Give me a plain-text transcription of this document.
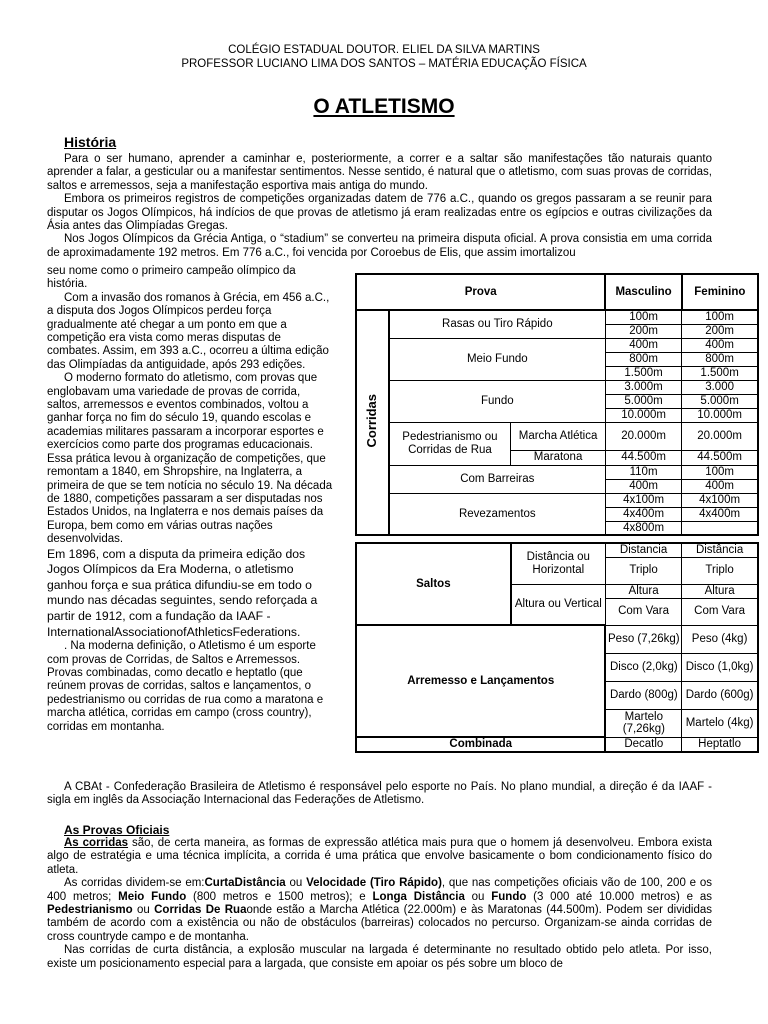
COLÉGIO ESTADUAL DOUTOR. ELIEL DA SILVA MARTINS
PROFESSOR LUCIANO LIMA DOS SANTOS – MATÉRIA EDUCAÇÃO FÍSICA
O ATLETISMO
História

Para o ser humano, aprender a caminhar e, posteriormente, a correr e a saltar são manifestações tão naturais quanto aprender a falar, a gesticular ou a manifestar sentimentos. Nesse sentido, é natural que o atletismo, com suas provas de corridas, saltos e arremessos, seja a manifestação esportiva mais antiga do mundo.

Embora os primeiros registros de competições organizadas datem de 776 a.C., quando os gregos passaram a se reunir para disputar os Jogos Olímpicos, há indícios de que provas de atletismo já eram realizadas entre os egípcios e outras civilizações da Ásia antes das Olimpíadas Gregas.

Nos Jogos Olímpicos da Grécia Antiga, o “stadium” se converteu na primeira disputa oficial. A prova consistia em uma corrida de aproximadamente 192 metros. Em 776 a.C., foi vencida por Coroebus de Elis, que assim imortalizou

seu nome como o primeiro campeão olímpico da história.

Com a invasão dos romanos à Grécia, em 456 a.C., a disputa dos Jogos Olímpicos perdeu força gradualmente até chegar a um ponto em que a competição era vista como meras disputas de combates. Assim, em 393 a.C., ocorreu a última edição das Olimpíadas da antiguidade, após 293 edições.

O moderno formato do atletismo, com provas que englobavam uma variedade de provas de corrida, saltos, arremessos e eventos combinados, voltou a ganhar força no fim do século 19, quando escolas e academias militares passaram a incorporar esportes e exercícios como parte dos programas educacionais. Essa prática levou à organização de competições, que remontam a 1840, em Shropshire, na Inglaterra, a primeira de que se tem notícia no século 19. Na década de 1880, competições passaram a ser disputadas nos Estados Unidos, na Inglaterra e nos demais países da Europa, bem como em várias outras nações desenvolvidas.

Em 1896, com a disputa da primeira edição dos Jogos Olímpicos da Era Moderna, o atletismo ganhou força e sua prática difundiu-se em todo o mundo nas décadas seguintes, sendo reforçada a partir de 1912, com a fundação da IAAF - InternationalAssociationofAthleticsFederations.

. Na moderna definição, o Atletismo é um esporte com provas de Corridas, de Saltos e Arremessos. Provas combinadas, como decatlo e heptatlo (que reúnem provas de corridas, saltos e lançamentos, o pedestrianismo ou corridas de rua como a maratona e marcha atlética, corridas em campo (cross country), corridas em montanha.

A CBAt - Confederação Brasileira de Atletismo é responsável pelo esporte no País. No plano mundial, a direção é da IAAF - sigla em inglês da Associação Internacional das Federações de Atletismo.

As Provas Oficiais

As corridas são, de certa maneira, as formas de expressão atlética mais pura que o homem já desenvolveu. Embora exista algo de estratégia e uma técnica implícita, a corrida é uma prática que envolve basicamente o bom condicionamento físico do atleta.

As corridas dividem-se em:CurtaDistância ou Velocidade (Tiro Rápido), que nas competições oficiais vão de 100, 200 e os 400 metros; Meio Fundo (800 metros e 1500 metros); e Longa Distância ou Fundo (3 000 até 10.000 metros) e as Pedestrianismo ou Corridas De Ruaonde estão a Marcha Atlética (22.000m) e às Maratonas (44.500m). Podem ser divididas também de acordo com a existência ou não de obstáculos (barreiras) colocados no percurso. Organizam-se ainda corridas de cross countryde campo e de montanha.

Nas corridas de curta distância, a explosão muscular na largada é determinante no resultado obtido pelo atleta. Por isso, existe um posicionamento especial para a largada, que consiste em apoiar os pés sobre um bloco de

Prova			Masculino	Feminino
Corridas	Rasas ou Tiro Rápido		100m	100m
			200m	200m
	Meio Fundo		400m	400m
			800m	800m
			1.500m	1.500m
	Fundo		3.000m	3.000
			5.000m	5.000m
			10.000m	10.000m
	Pedestrianismo ou Corridas de Rua	Marcha Atlética	20.000m	20.000m
		Maratona	44.500m	44.500m
	Com Barreiras		110m	100m
			400m	400m
	Revezamentos		4x100m	4x100m
			4x400m	4x400m
			4x800m	
Saltos	Distância ou Horizontal	Distancia	Distância
		Triplo	Triplo
	Altura ou Vertical	Altura	Altura
		Com Vara	Com Vara
Arremesso e Lançamentos		Peso (7,26kg)	Peso (4kg)
		Disco (2,0kg)	Disco (1,0kg)
		Dardo (800g)	Dardo (600g)
		Martelo (7,26kg)	Martelo (4kg)
Combinada		Decatlo	Heptatlo
